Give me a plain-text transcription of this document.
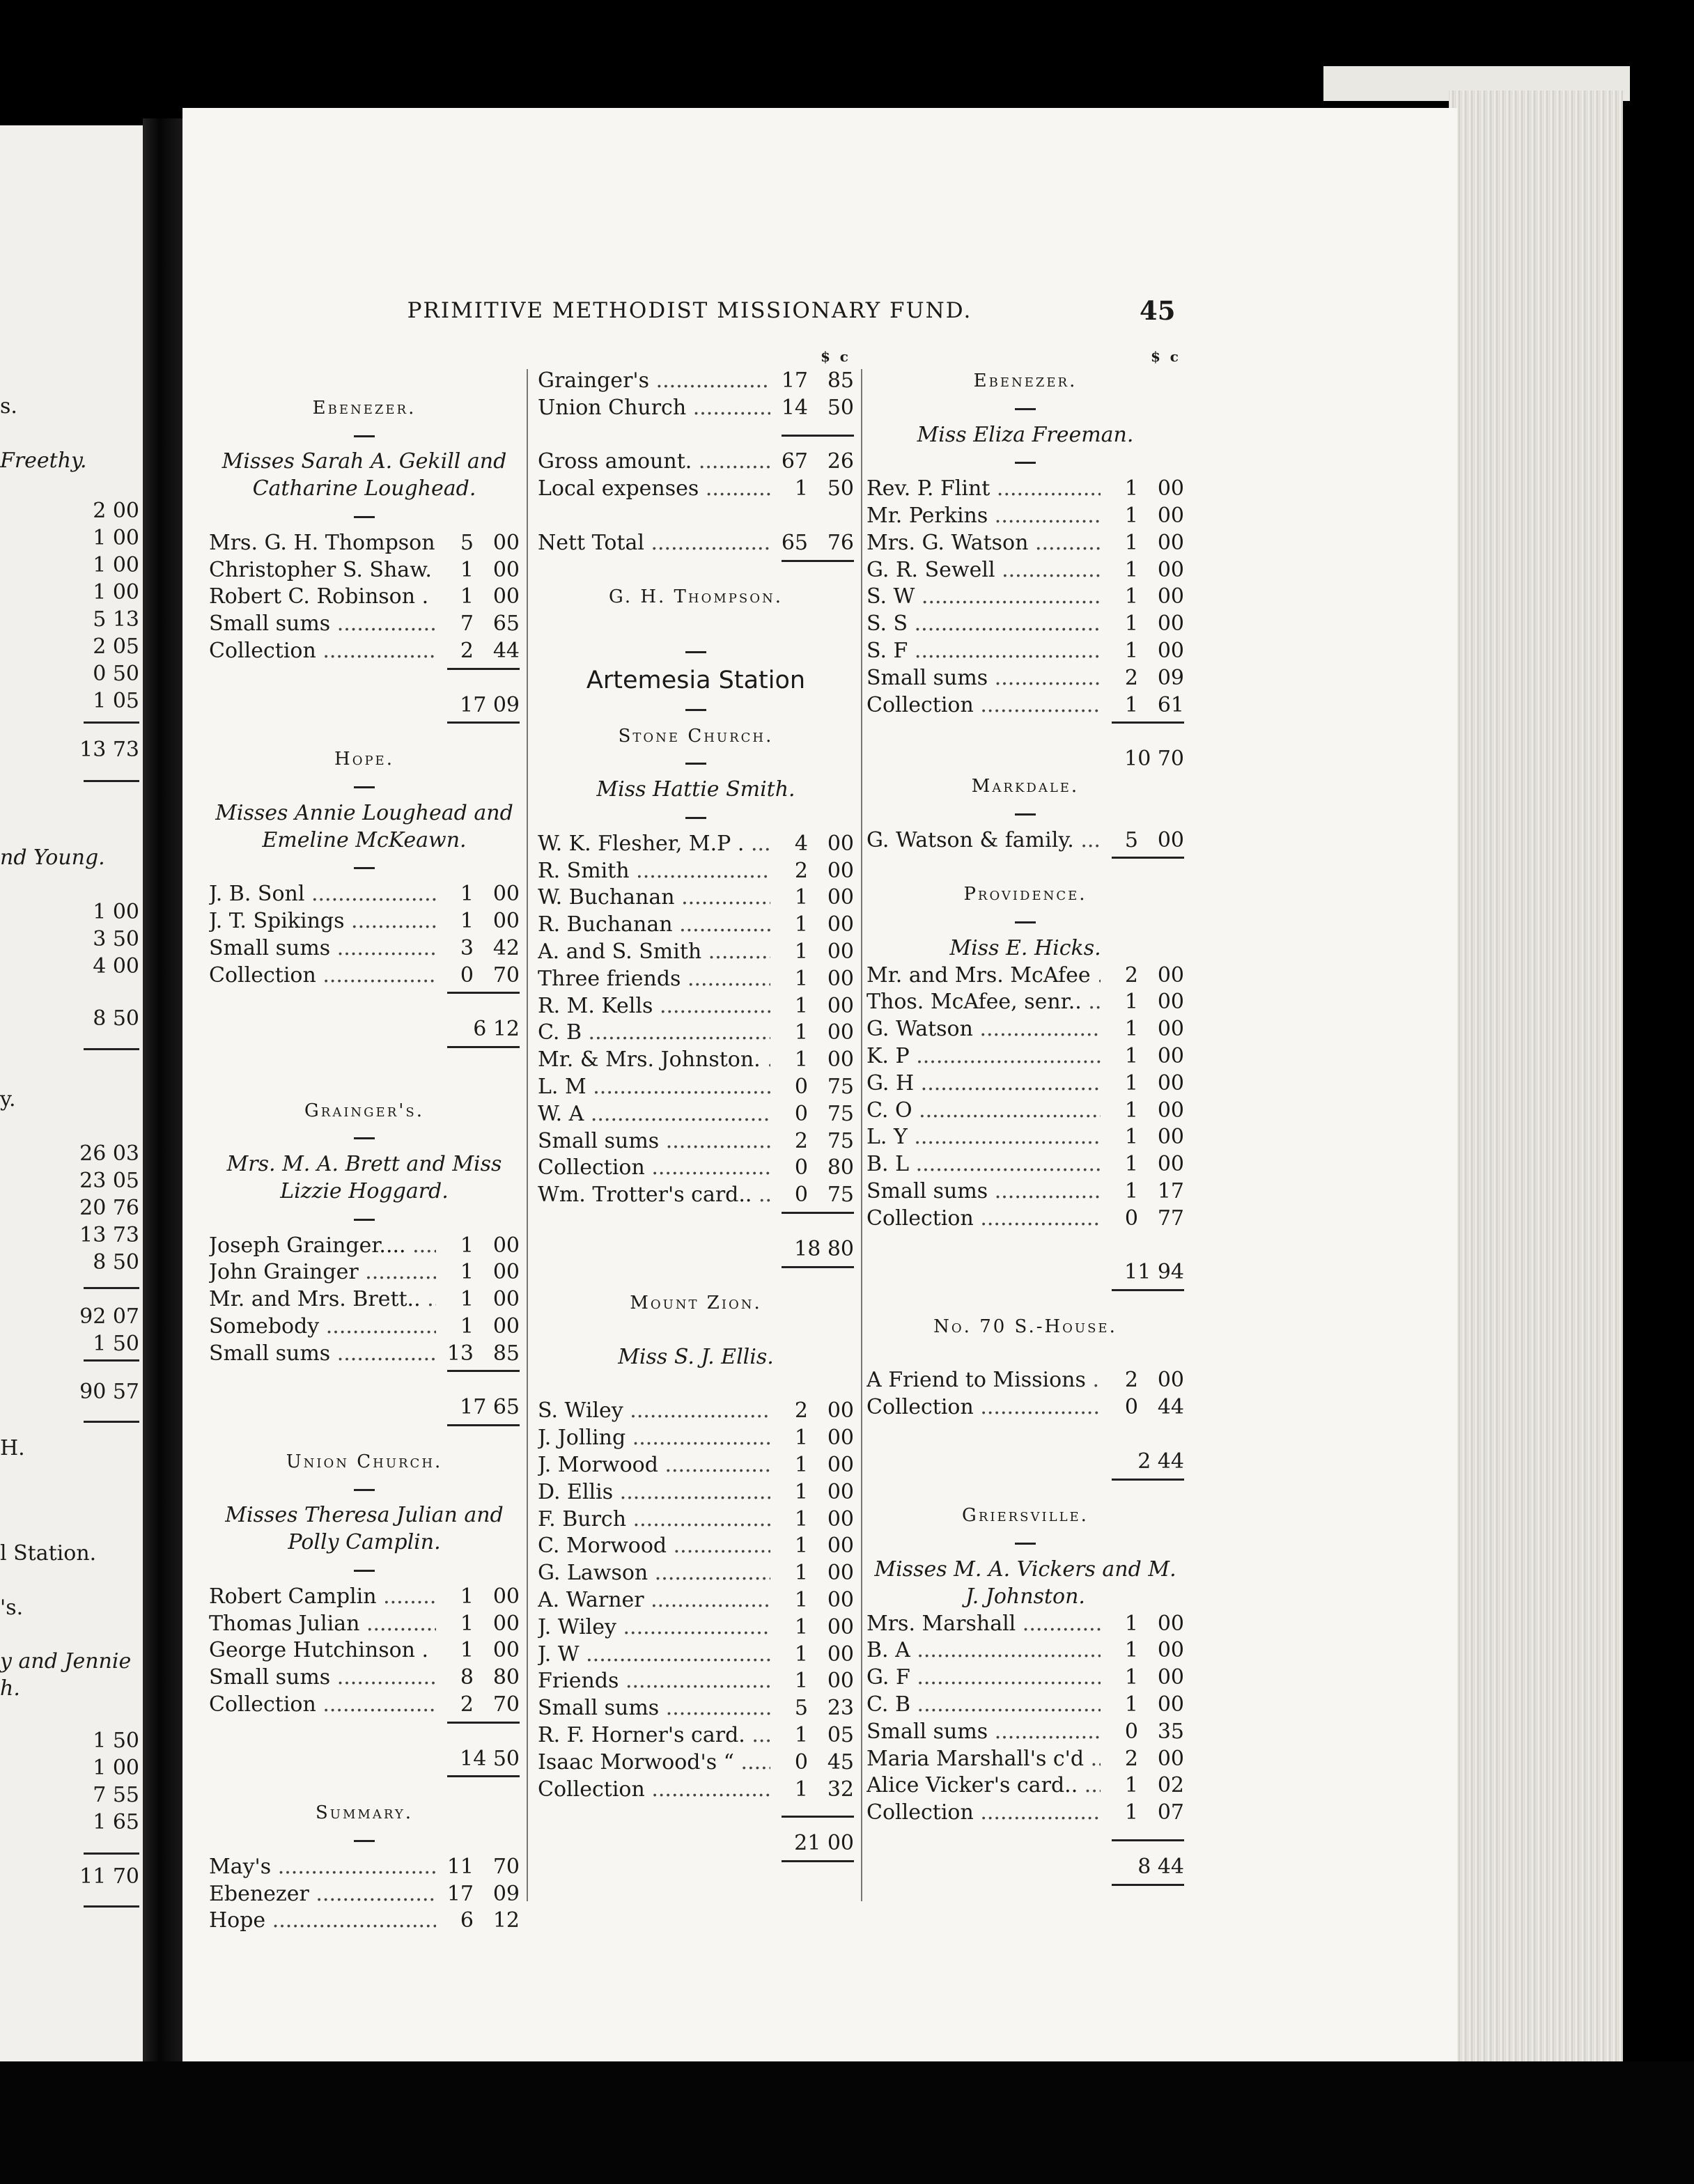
2 00
1 00
1 00
1 00
5 13
2 05
0 50
1 05
13 73
1 00
3 50
4 00
8 50
26 03
23 05
20 76
13 73
8 50
92 07
1 50
90 57
1 50
1 00
7 55
1 65
11 70
s.
Freethy.
nd Young.
y.
H.
l Station.
's.
y and Jennie
h.
PRIMITIVE METHODIST MISSIONARY FUND.	45
Ebenezer.
Misses Sarah A. Gekill and
Catharine Loughead.
Mrs. G. H. Thompson .....	5 00
Christopher S. Shaw. .....	1 00
Robert C. Robinson . .....	1 00
Small sums .....	7 65
Collection .....	2 44
17 09
Hope.
Misses Annie Loughead and
Emeline McKeawn.
J. B. Sonl .....	1 00
J. T. Spikings .....	1 00
Small sums .....	3 42
Collection .....	0 70
6 12
Grainger's.
Mrs. M. A. Brett and Miss
Lizzie Hoggard.
Joseph Grainger.... .....	1 00
John Grainger .....	1 00
Mr. and Mrs. Brett.. .....	1 00
Somebody .....	1 00
Small sums .....	13 85
17 65
Union Church.
Misses Theresa Julian and
Polly Camplin.
Robert Camplin .....	1 00
Thomas Julian .....	1 00
George Hutchinson . .....	1 00
Small sums .....	8 80
Collection .....	2 70
14 50
Summary.
May's .....	11 70
Ebenezer .....	17 09
Hope .....	6 12
$  c
Grainger's .....	17 85
Union Church .....	14 50
Gross amount. .....	67 26
Local expenses .....	1 50
Nett Total .....	65 76
G. H. Thompson.
Artemesia Station
Stone Church.
Miss Hattie Smith.
W. K. Flesher, M.P . .....	4 00
R. Smith .....	2 00
W. Buchanan .....	1 00
R. Buchanan .....	1 00
A. and S. Smith .....	1 00
Three friends .....	1 00
R. M. Kells .....	1 00
C. B .....	1 00
Mr. & Mrs. Johnston. .....	1 00
L. M .....	0 75
W. A .....	0 75
Small sums .....	2 75
Collection .....	0 80
Wm. Trotter's card.. .....	0 75
18 80
Mount Zion.
Miss S. J. Ellis.
S. Wiley .....	2 00
J. Jolling .....	1 00
J. Morwood .....	1 00
D. Ellis .....	1 00
F. Burch .....	1 00
C. Morwood .....	1 00
G. Lawson .....	1 00
A. Warner .....	1 00
J. Wiley .....	1 00
J. W .....	1 00
Friends .....	1 00
Small sums .....	5 23
R. F. Horner's card. .....	1 05
Isaac Morwood's “ .....	0 45
Collection .....	1 32
21 00
$  c
Ebenezer.
Miss Eliza Freeman.
Rev. P. Flint .....	1 00
Mr. Perkins .....	1 00
Mrs. G. Watson .....	1 00
G. R. Sewell .....	1 00
S. W .....	1 00
S. S .....	1 00
S. F .....	1 00
Small sums .....	2 09
Collection .....	1 61
10 70
Markdale.
G. Watson & family. .....	5 00
Providence.
Miss E. Hicks.
Mr. and Mrs. McAfee .....	2 00
Thos. McAfee, senr.. .....	1 00
G. Watson .....	1 00
K. P .....	1 00
G. H .....	1 00
C. O .....	1 00
L. Y .....	1 00
B. L .....	1 00
Small sums .....	1 17
Collection .....	0 77
11 94
No. 70 S.-House.
A Friend to Missions .....	2 00
Collection .....	0 44
2 44
Griersville.
Misses M. A. Vickers and M.
J. Johnston.
Mrs. Marshall .....	1 00
B. A .....	1 00
G. F .....	1 00
C. B .....	1 00
Small sums .....	0 35
Maria Marshall's c'd .....	2 00
Alice Vicker's card.. .....	1 02
Collection .....	1 07
8 44
